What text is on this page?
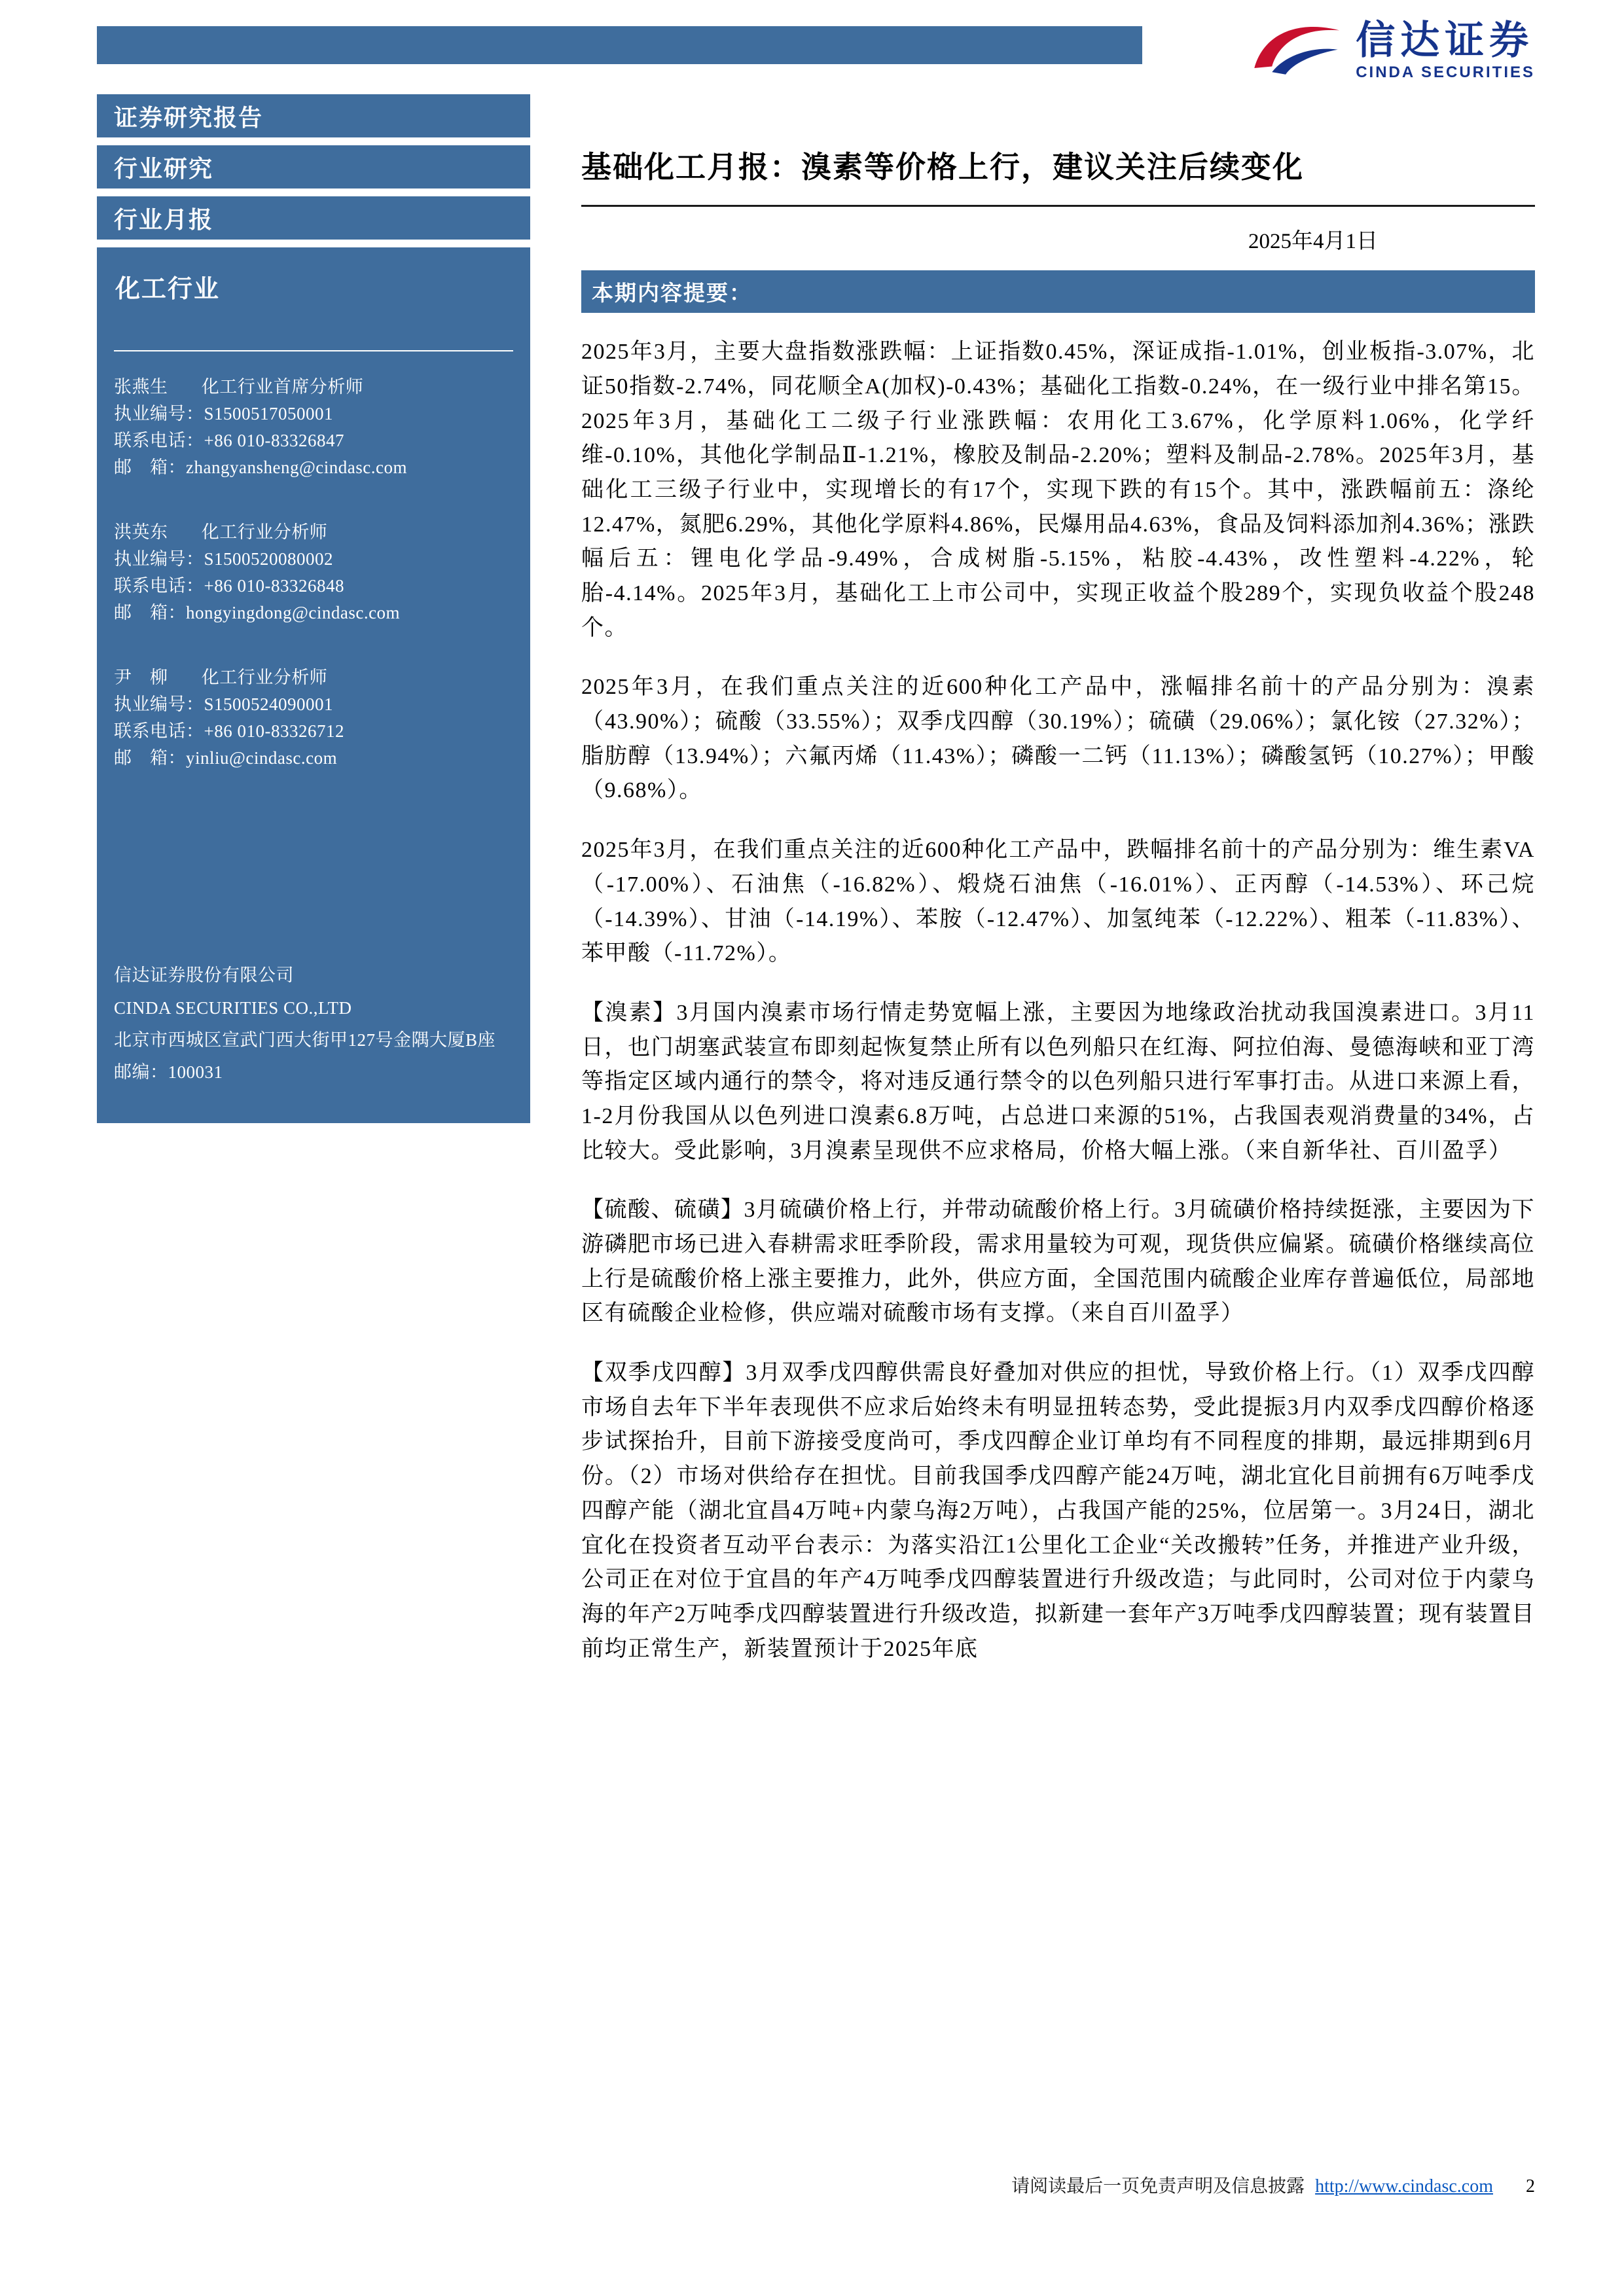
信达证券
CINDA SECURITIES
证券研究报告
行业研究
行业月报
化工行业
张燕生 化工行业首席分析师
执业编号：S1500517050001
联系电话：+86 010-83326847
邮　箱：zhangyansheng@cindasc.com
洪英东 化工行业分析师
执业编号：S1500520080002
联系电话：+86 010-83326848
邮　箱：hongyingdong@cindasc.com
尹　柳 化工行业分析师
执业编号：S1500524090001
联系电话：+86 010-83326712
邮　箱：yinliu@cindasc.com
信达证券股份有限公司
CINDA SECURITIES CO.,LTD
北京市西城区宣武门西大街甲127号金隅大厦B座
邮编：100031
基础化工月报：溴素等价格上行，建议关注后续变化
2025年4月1日
本期内容提要：

2025年3月，主要大盘指数涨跌幅：上证指数0.45%，深证成指-1.01%，创业板指-3.07%，北证50指数-2.74%，同花顺全A(加权)-0.43%；基础化工指数-0.24%，在一级行业中排名第15。2025年3月，基础化工二级子行业涨跌幅：农用化工3.67%，化学原料1.06%，化学纤维-0.10%，其他化学制品Ⅱ-1.21%，橡胶及制品-2.20%；塑料及制品-2.78%。2025年3月，基础化工三级子行业中，实现增长的有17个，实现下跌的有15个。其中，涨跌幅前五：涤纶12.47%，氮肥6.29%，其他化学原料4.86%，民爆用品4.63%，食品及饲料添加剂4.36%；涨跌幅后五：锂电化学品-9.49%，合成树脂-5.15%，粘胶-4.43%，改性塑料-4.22%，轮胎-4.14%。2025年3月，基础化工上市公司中，实现正收益个股289个，实现负收益个股248个。

2025年3月，在我们重点关注的近600种化工产品中，涨幅排名前十的产品分别为：溴素（43.90%）；硫酸（33.55%）；双季戊四醇（30.19%）；硫磺（29.06%）；氯化铵（27.32%）；脂肪醇（13.94%）；六氟丙烯（11.43%）；磷酸一二钙（11.13%）；磷酸氢钙（10.27%）；甲酸（9.68%）。

2025年3月，在我们重点关注的近600种化工产品中，跌幅排名前十的产品分别为：维生素VA（-17.00%）、石油焦（-16.82%）、煅烧石油焦（-16.01%）、正丙醇（-14.53%）、环己烷（-14.39%）、甘油（-14.19%）、苯胺（-12.47%）、加氢纯苯（-12.22%）、粗苯（-11.83%）、苯甲酸（-11.72%）。

【溴素】3月国内溴素市场行情走势宽幅上涨，主要因为地缘政治扰动我国溴素进口。3月11日，也门胡塞武装宣布即刻起恢复禁止所有以色列船只在红海、阿拉伯海、曼德海峡和亚丁湾等指定区域内通行的禁令，将对违反通行禁令的以色列船只进行军事打击。从进口来源上看，1-2月份我国从以色列进口溴素6.8万吨，占总进口来源的51%，占我国表观消费量的34%，占比较大。受此影响，3月溴素呈现供不应求格局，价格大幅上涨。（来自新华社、百川盈孚）

【硫酸、硫磺】3月硫磺价格上行，并带动硫酸价格上行。3月硫磺价格持续挺涨，主要因为下游磷肥市场已进入春耕需求旺季阶段，需求用量较为可观，现货供应偏紧。硫磺价格继续高位上行是硫酸价格上涨主要推力，此外，供应方面，全国范围内硫酸企业库存普遍低位，局部地区有硫酸企业检修，供应端对硫酸市场有支撑。（来自百川盈孚）

【双季戊四醇】3月双季戊四醇供需良好叠加对供应的担忧，导致价格上行。（1）双季戊四醇市场自去年下半年表现供不应求后始终未有明显扭转态势，受此提振3月内双季戊四醇价格逐步试探抬升，目前下游接受度尚可，季戊四醇企业订单均有不同程度的排期，最远排期到6月份。（2）市场对供给存在担忧。目前我国季戊四醇产能24万吨，湖北宜化目前拥有6万吨季戊四醇产能（湖北宜昌4万吨+内蒙乌海2万吨），占我国产能的25%，位居第一。3月24日，湖北宜化在投资者互动平台表示：为落实沿江1公里化工企业“关改搬转”任务，并推进产业升级，公司正在对位于宜昌的年产4万吨季戊四醇装置进行升级改造；与此同时，公司对位于内蒙乌海的年产2万吨季戊四醇装置进行升级改造，拟新建一套年产3万吨季戊四醇装置；现有装置目前均正常生产，新装置预计于2025年底

请阅读最后一页免责声明及信息披露 http://www.cindasc.com 2
